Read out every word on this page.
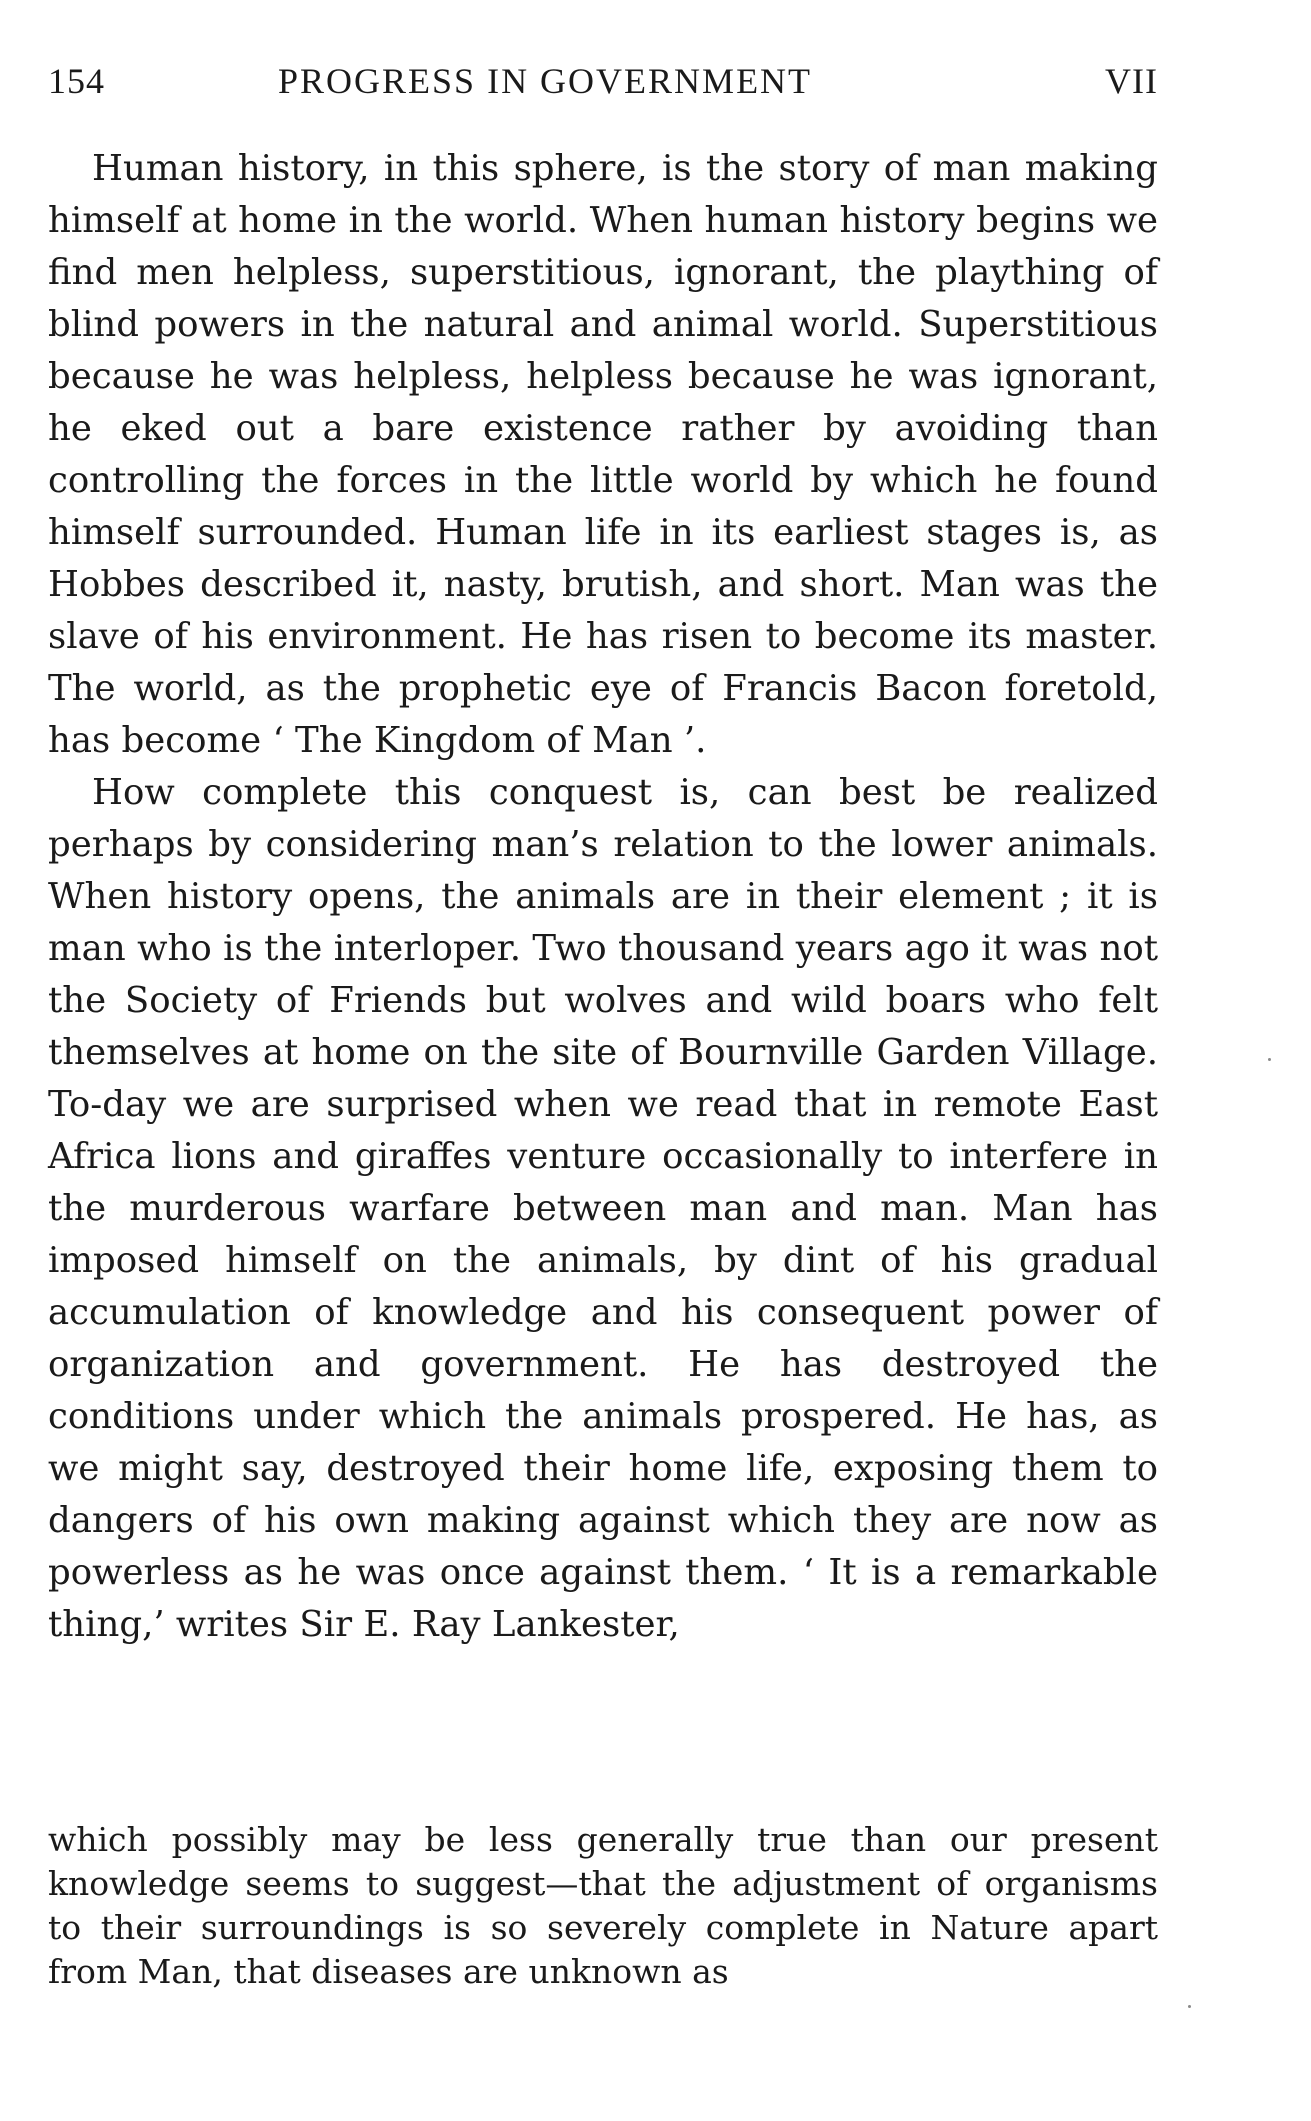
154	PROGRESS IN GOVERNMENT	VII

Human history, in this sphere, is the story of man making himself at home in the world. When human history begins we find men helpless, superstitious, ignorant, the plaything of blind powers in the natural and animal world. Superstitious because he was helpless, helpless because he was ignorant, he eked out a bare existence rather by avoiding than controlling the forces in the little world by which he found himself surrounded. Human life in its earliest stages is, as Hobbes described it, nasty, brutish, and short. Man was the slave of his environment. He has risen to become its master. The world, as the prophetic eye of Francis Bacon foretold, has become ‘ The Kingdom of Man ’.

How complete this conquest is, can best be realized perhaps by considering man’s relation to the lower animals. When history opens, the animals are in their element ; it is man who is the interloper. Two thousand years ago it was not the Society of Friends but wolves and wild boars who felt themselves at home on the site of Bournville Garden Village. To-day we are surprised when we read that in remote East Africa lions and giraffes venture occasionally to interfere in the murderous warfare between man and man. Man has imposed himself on the animals, by dint of his gradual accumulation of knowledge and his consequent power of organization and government. He has destroyed the conditions under which the animals prospered. He has, as we might say, destroyed their home life, exposing them to dangers of his own making against which they are now as powerless as he was once against them. ‘ It is a remarkable thing,’ writes Sir E. Ray Lankester,

which possibly may be less generally true than our present knowledge seems to suggest—that the adjustment of organisms to their surroundings is so severely complete in Nature apart from Man, that diseases are unknown as
